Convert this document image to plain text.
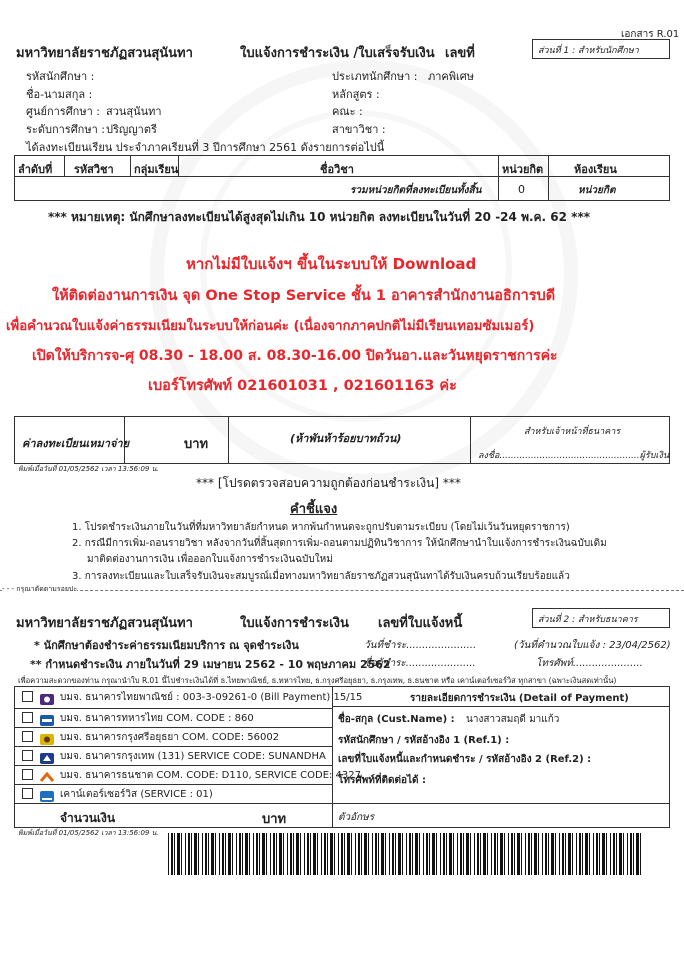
เอกสาร R.01
มหาวิทยาลัยราชภัฏสวนสุนันทา	ใบแจ้งการชำระเงิน /ใบเสร็จรับเงิน เลขที่	ส่วนที่ 1 : สำหรับนักศึกษา
รหัสนักศึกษา :
ชื่อ-นามสกุล :
ศูนย์การศึกษา : สวนสุนันทา
ระดับการศึกษา : ปริญญาตรี
ประเภทนักศึกษา : ภาคพิเศษ
หลักสูตร :
คณะ :
สาขาวิชา :
ได้ลงทะเบียนเรียน ประจำภาคเรียนที่ 3 ปีการศึกษา 2561 ดังรายการต่อไปนี้
ลำดับที่ รหัสวิชา กลุ่มเรียน	ชื่อวิชา	หน่วยกิต	ห้องเรียน
รวมหน่วยกิตที่ลงทะเบียนทั้งสิ้น	0	หน่วยกิต
*** หมายเหตุ: นักศึกษาลงทะเบียนได้สูงสุดไม่เกิน 10 หน่วยกิต ลงทะเบียนในวันที่ 20 -24 พ.ค. 62 ***
หากไม่มีใบแจ้งฯ ขึ้นในระบบให้ Download
ให้ติดต่องานการเงิน จุด One Stop Service ชั้น 1 อาคารสำนักงานอธิการบดี
เพื่อคำนวณใบแจ้งค่าธรรมเนียมในระบบให้ก่อนค่ะ (เนื่องจากภาคปกติไม่มีเรียนเทอมซัมเมอร์)
เปิดให้บริการจ-ศุ 08.30 - 18.00 ส. 08.30-16.00 ปิดวันอา.และวันหยุดราชการค่ะ
เบอร์โทรศัพท์ 021601031 , 021601163 ค่ะ
ค่าลงทะเบียนเหมาจ่าย	บาท	(ห้าพันห้าร้อยบาทถ้วน)	สำหรับเจ้าหน้าที่ธนาคาร
ลงชื่อ.................................................ผู้รับเงิน
พิมพ์เมื่อวันที่ 01/05/2562 เวลา 13:56:09 น.
*** [โปรดตรวจสอบความถูกต้องก่อนชำระเงิน] ***
คำชี้แจง
1. โปรดชำระเงินภายในวันที่ที่มหาวิทยาลัยกำหนด หากพ้นกำหนดจะถูกปรับตามระเบียบ (โดยไม่เว้นวันหยุดราชการ)
2. กรณีมีการเพิ่ม-ถอนรายวิชา หลังจากวันที่สิ้นสุดการเพิ่ม-ถอนตามปฏิทินวิชาการ ให้นักศึกษานำใบแจ้งการชำระเงินฉบับเดิม
มาติดต่องานการเงิน เพื่อออกใบแจ้งการชำระเงินฉบับใหม่
3. การลงทะเบียนและใบเสร็จรับเงินจะสมบูรณ์เมื่อทางมหาวิทยาลัยราชภัฏสวนสุนันทาได้รับเงินครบถ้วนเรียบร้อยแล้ว
- - - กรุณาตัดตามรอยปะ
มหาวิทยาลัยราชภัฏสวนสุนันทา	ใบแจ้งการชำระเงิน เลขที่ใบแจ้งหนี้	ส่วนที่ 2 : สำหรับธนาคาร
* นักศึกษาต้องชำระค่าธรรมเนียมบริการ ณ จุดชำระเงิน
** กำหนดชำระเงิน ภายในวันที่ 29 เมษายน 2562 - 10 พฤษภาคม 2562
วันที่ชำระ......................	(วันที่คำนวณใบแจ้ง : 23/04/2562)
ชื่อผู้ชำระ......................	โทรศัพท์......................
เพื่อความสะดวกของท่าน กรุณานำใบ R.01 นี้ไปชำระเงินได้ที่ ธ.ไทยพาณิชย์, ธ.ทหารไทย, ธ.กรุงศรีอยุธยา, ธ.กรุงเทพ, ธ.ธนชาต หรือ เคาน์เตอร์เซอร์วิส ทุกสาขา (ฉพาะเงินสดเท่านั้น)
บมจ. ธนาคารไทยพาณิชย์ : 003-3-09261-0 (Bill Payment) 15/15
บมจ. ธนาคารทหารไทย COM. CODE : 860
บมจ. ธนาคารกรุงศรีอยุธยา COM. CODE: 56002
บมจ. ธนาคารกรุงเทพ (131) SERVICE CODE: SUNANDHA
บมจ. ธนาคารธนชาต COM. CODE: D110, SERVICE CODE: 4327
เคาน์เตอร์เซอร์วิส (SERVICE : 01)
รายละเอียดการชำระเงิน (Detail of Payment)
ชื่อ-สกุล (Cust.Name) : นางสาวสมฤดี มาแก้ว
รหัสนักศึกษา / รหัสอ้างอิง 1 (Ref.1) :
เลขที่ใบแจ้งหนี้และกำหนดชำระ / รหัสอ้างอิง 2 (Ref.2) :
โทรศัพท์ที่ติดต่อได้ :
จำนวนเงิน	บาท	ตัวอักษร
พิมพ์เมื่อวันที่ 01/05/2562 เวลา 13:56:09 น.
